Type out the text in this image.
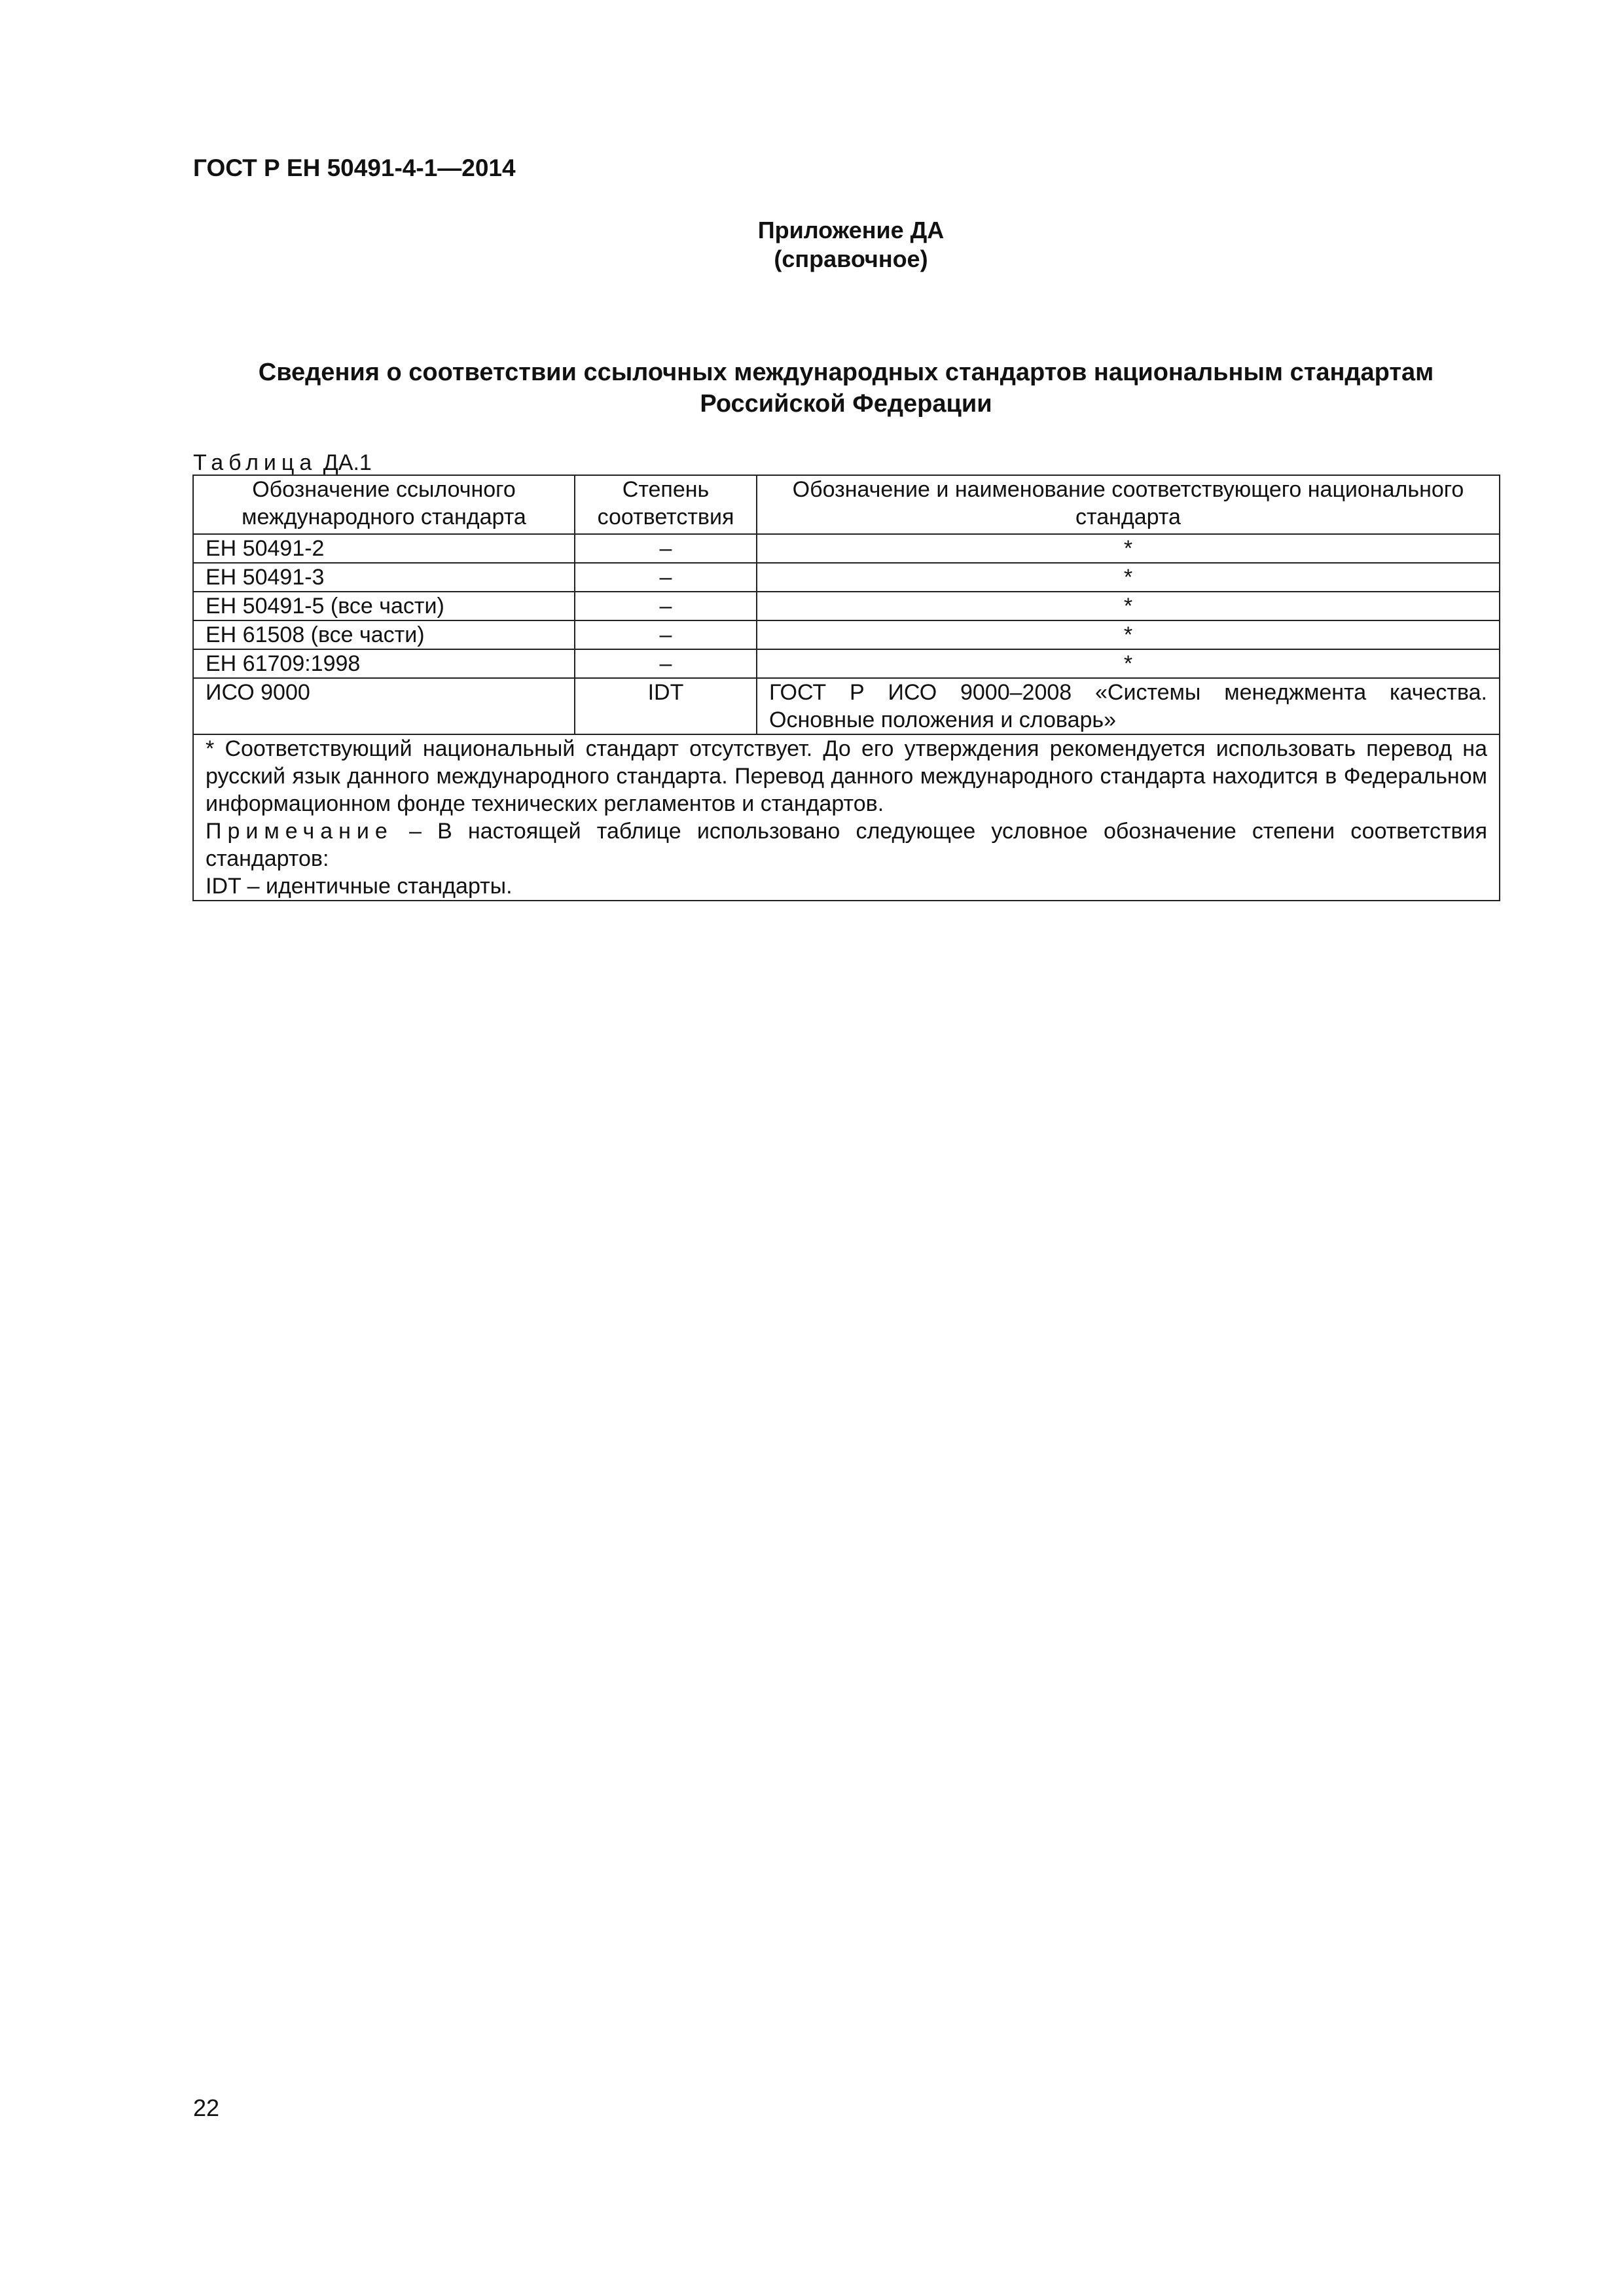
ГОСТ Р ЕН 50491-4-1—2014
Приложение ДА
(справочное)
Сведения о соответствии ссылочных международных стандартов национальным стандартам Российской Федерации
Таблица ДА.1
Обозначение ссылочного международного стандарта	Степень соответствия	Обозначение и наименование соответствующего национального стандарта
ЕН 50491-2	–	*
ЕН 50491-3	–	*
ЕН 50491-5 (все части)	–	*
ЕН 61508 (все части)	–	*
ЕН 61709:1998	–	*
ИСО 9000	IDT	ГОСТ Р ИСО 9000–2008 «Системы менеджмента качества. Основные положения и словарь»

* Соответствующий национальный стандарт отсутствует. До его утверждения рекомендуется использовать перевод на русский язык данного международного стандарта. Перевод данного международного стандарта находится в Федеральном информационном фонде технических регламентов и стандартов.
Примечание – В настоящей таблице использовано следующее условное обозначение степени соответствия стандартов:
IDT – идентичные стандарты.		
22
